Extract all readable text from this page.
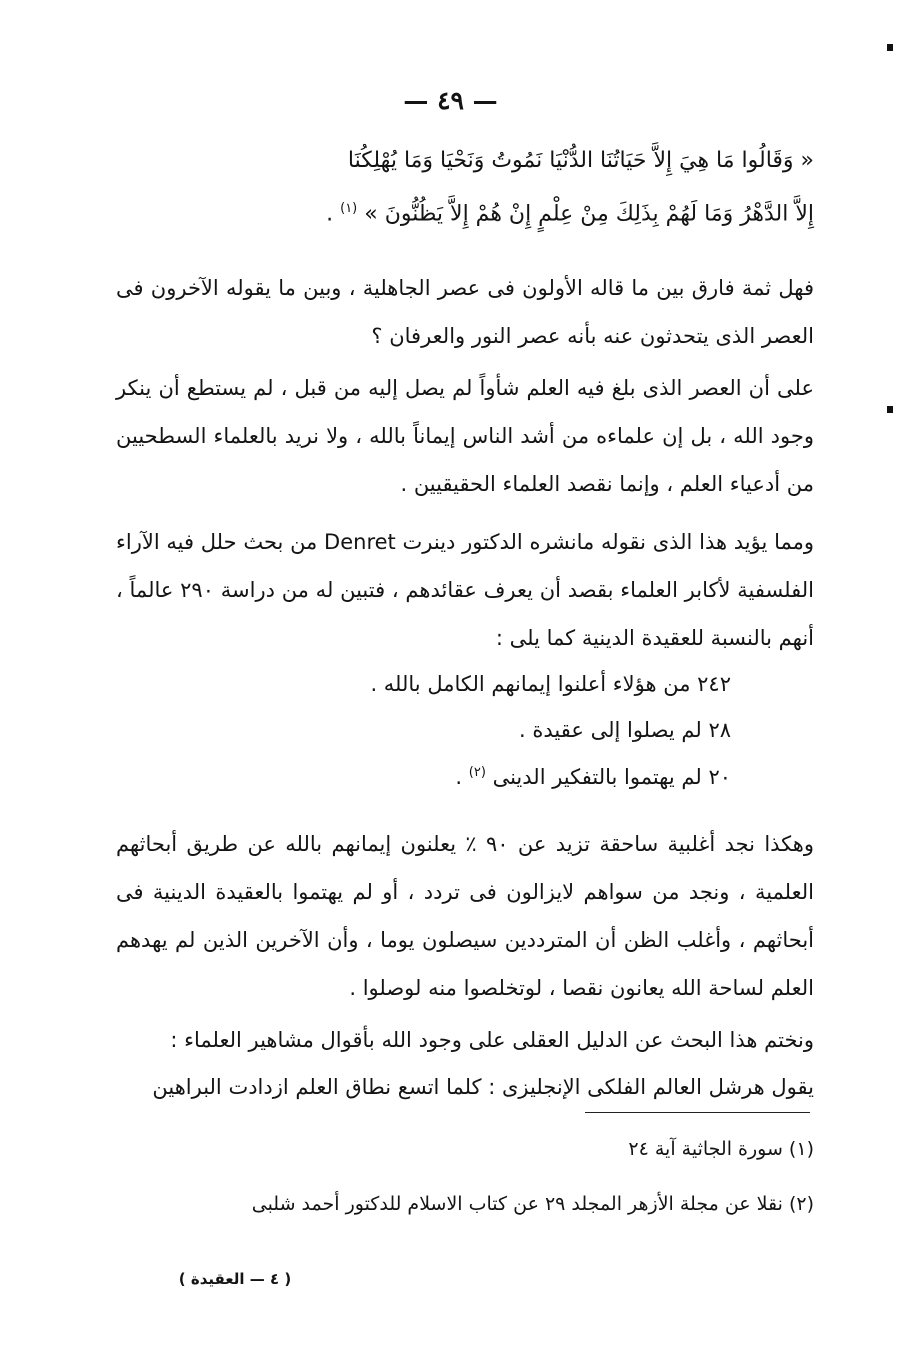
— ٤٩ —
« وَقَالُوا مَا هِيَ إِلاَّ حَيَاتُنَا الدُّنْيَا نَمُوتُ وَنَحْيَا وَمَا يُهْلِكُنَا
إِلاَّ الدَّهْرُ وَمَا لَهُمْ بِذَلِكَ مِنْ عِلْمٍ إِنْ هُمْ إِلاَّ يَظُنُّونَ » $^{(١)}$ .
فهل ثمة فارق بين ما قاله الأولون فى عصر الجاهلية ، وبين ما يقوله الآخرون فى العصر الذى يتحدثون عنه بأنه عصر النور والعرفان ؟
على أن العصر الذى بلغ فيه العلم شأواً لم يصل إليه من قبل ، لم يستطع أن ينكر وجود الله ، بل إن علماءه من أشد الناس إيماناً بالله ، ولا نريد بالعلماء السطحيين من أدعياء العلم ، وإنما نقصد العلماء الحقيقيين .
ومما يؤيد هذا الذى نقوله مانشره الدكتور دينرت Denret من بحث حلل فيه الآراء الفلسفية لأكابر العلماء بقصد أن يعرف عقائدهم ، فتبين له من دراسة ٢٩٠ عالماً ، أنهم بالنسبة للعقيدة الدينية كما يلى :
٢٤٢ من هؤلاء أعلنوا إيمانهم الكامل بالله .
٢٨ لم يصلوا إلى عقيدة .
٢٠ لم يهتموا بالتفكير الدينى $^{(٢)}$ .
وهكذا نجد أغلبية ساحقة تزيد عن ٩٠ ٪ يعلنون إيمانهم بالله عن طريق أبحاثهم العلمية ، ونجد من سواهم لايزالون فى تردد ، أو لم يهتموا بالعقيدة الدينية فى أبحاثهم ، وأغلب الظن أن المترددين سيصلون يوما ، وأن الآخرين الذين لم يهدهم العلم لساحة الله يعانون نقصا ، لوتخلصوا منه لوصلوا .
ونختم هذا البحث عن الدليل العقلى على وجود الله بأقوال مشاهير العلماء :
يقول هرشل العالم الفلكى الإنجليزى : كلما اتسع نطاق العلم ازدادت البراهين
(١) سورة الجاثية آية ٢٤
(٢) نقلا عن مجلة الأزهر المجلد ٢٩ عن كتاب الاسلام للدكتور أحمد شلبى
( ٤ — العقيدة )
